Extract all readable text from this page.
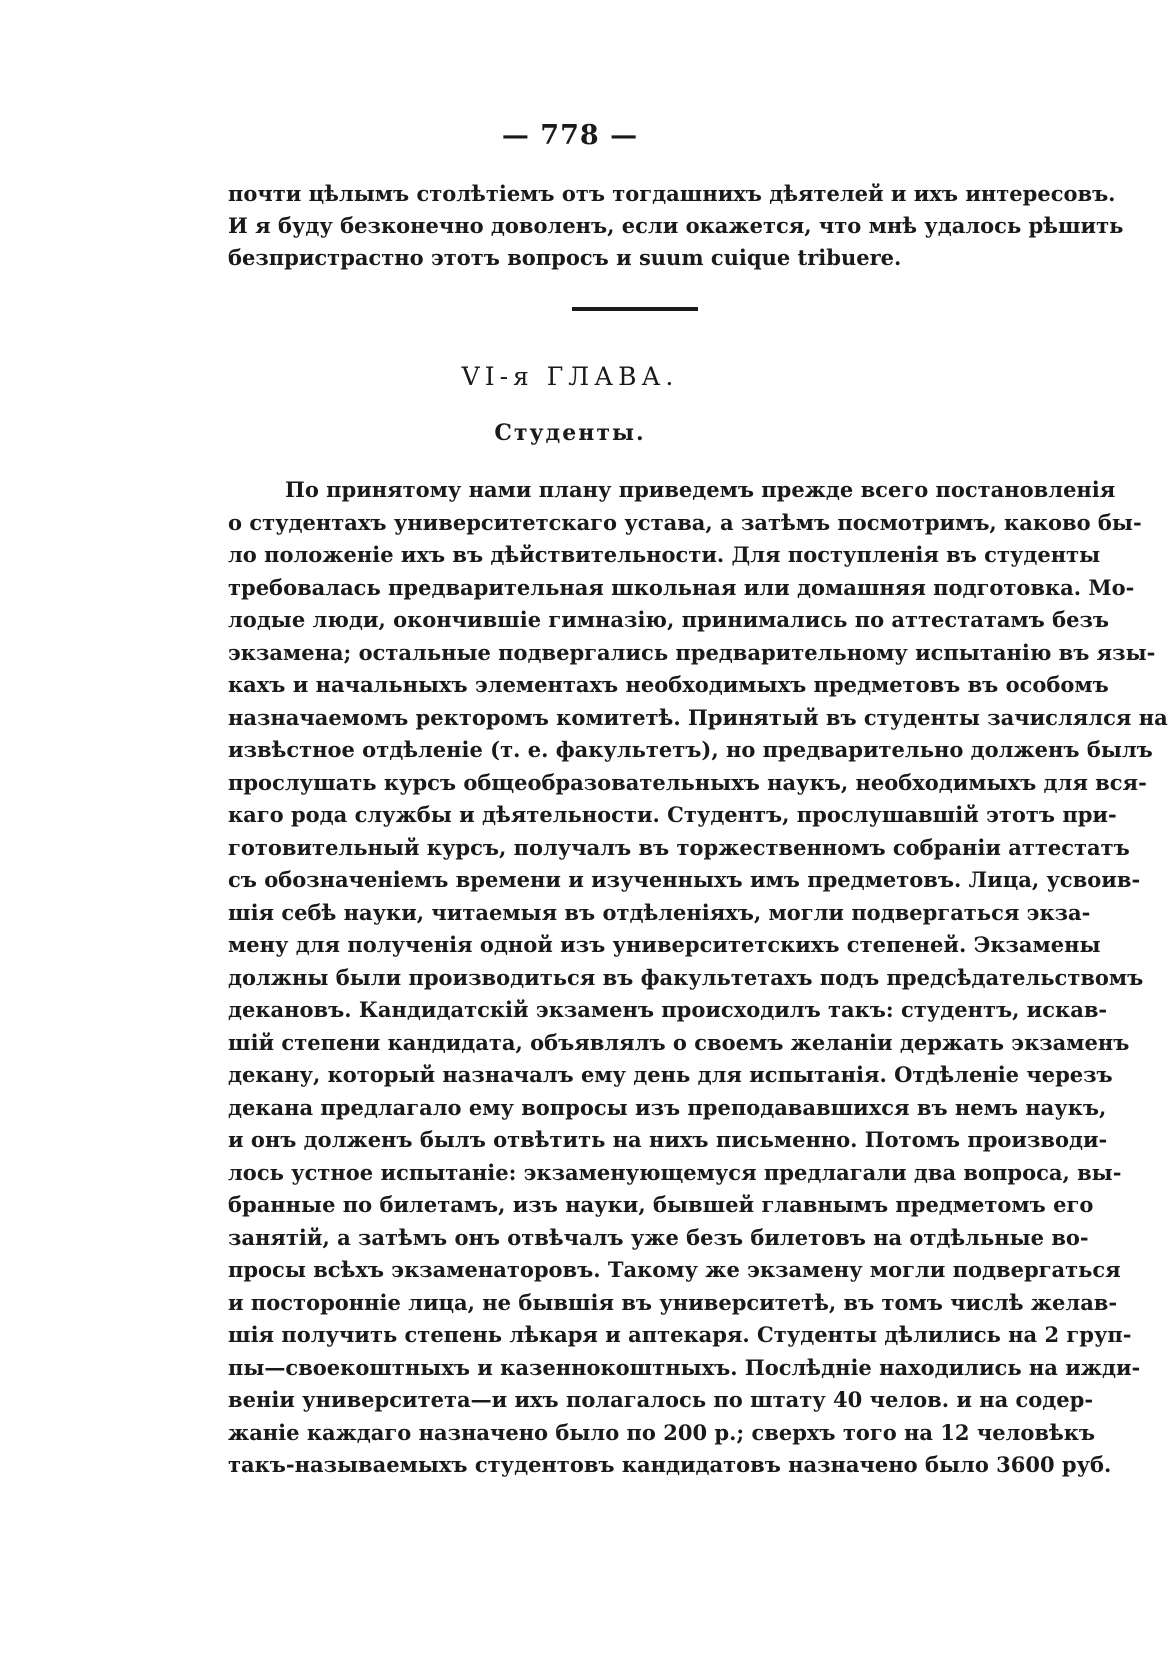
— 778 —
почти цѣлымъ столѣтіемъ отъ тогдашнихъ дѣятелей и ихъ интересовъ.
И я буду безконечно доволенъ, если окажется, что мнѣ удалось рѣшить
безпристрастно этотъ вопросъ и suum cuique tribuere.
VI-я ГЛАВА.
Студенты.
По принятому нами плану приведемъ прежде всего постановленія
о студентахъ университетскаго устава, а затѣмъ посмотримъ, каково бы-
ло положеніе ихъ въ дѣйствительности. Для поступленія въ студенты
требовалась предварительная школьная или домашняя подготовка. Мо-
лодые люди, окончившіе гимназію, принимались по аттестатамъ безъ
экзамена; остальные подвергались предварительному испытанію въ язы-
кахъ и начальныхъ элементахъ необходимыхъ предметовъ въ особомъ
назначаемомъ ректоромъ комитетѣ. Принятый въ студенты зачислялся на
извѣстное отдѣленіе (т. е. факультетъ), но предварительно долженъ былъ
прослушать курсъ общеобразовательныхъ наукъ, необходимыхъ для вся-
каго рода службы и дѣятельности. Студентъ, прослушавшій этотъ при-
готовительный курсъ, получалъ въ торжественномъ собраніи аттестатъ
съ обозначеніемъ времени и изученныхъ имъ предметовъ. Лица, усвоив-
шія себѣ науки, читаемыя въ отдѣленіяхъ, могли подвергаться экза-
мену для полученія одной изъ университетскихъ степеней. Экзамены
должны были производиться въ факультетахъ подъ предсѣдательствомъ
декановъ. Кандидатскій экзаменъ происходилъ такъ: студентъ, искав-
шій степени кандидата, объявлялъ о своемъ желаніи держать экзаменъ
декану, который назначалъ ему день для испытанія. Отдѣленіе черезъ
декана предлагало ему вопросы изъ преподававшихся въ немъ наукъ,
и онъ долженъ былъ отвѣтить на нихъ письменно. Потомъ производи-
лось устное испытаніе: экзаменующемуся предлагали два вопроса, вы-
бранные по билетамъ, изъ науки, бывшей главнымъ предметомъ его
занятій, а затѣмъ онъ отвѣчалъ уже безъ билетовъ на отдѣльные во-
просы всѣхъ экзаменаторовъ. Такому же экзамену могли подвергаться
и посторонніе лица, не бывшія въ университетѣ, въ томъ числѣ желав-
шія получить степень лѣкаря и аптекаря. Студенты дѣлились на 2 груп-
пы—своекоштныхъ и казеннокоштныхъ. Послѣдніе находились на ижди-
веніи университета—и ихъ полагалось по штату 40 челов. и на содер-
жаніе каждаго назначено было по 200 р.; сверхъ того на 12 человѣкъ
такъ-называемыхъ студентовъ кандидатовъ назначено было 3600 руб.
